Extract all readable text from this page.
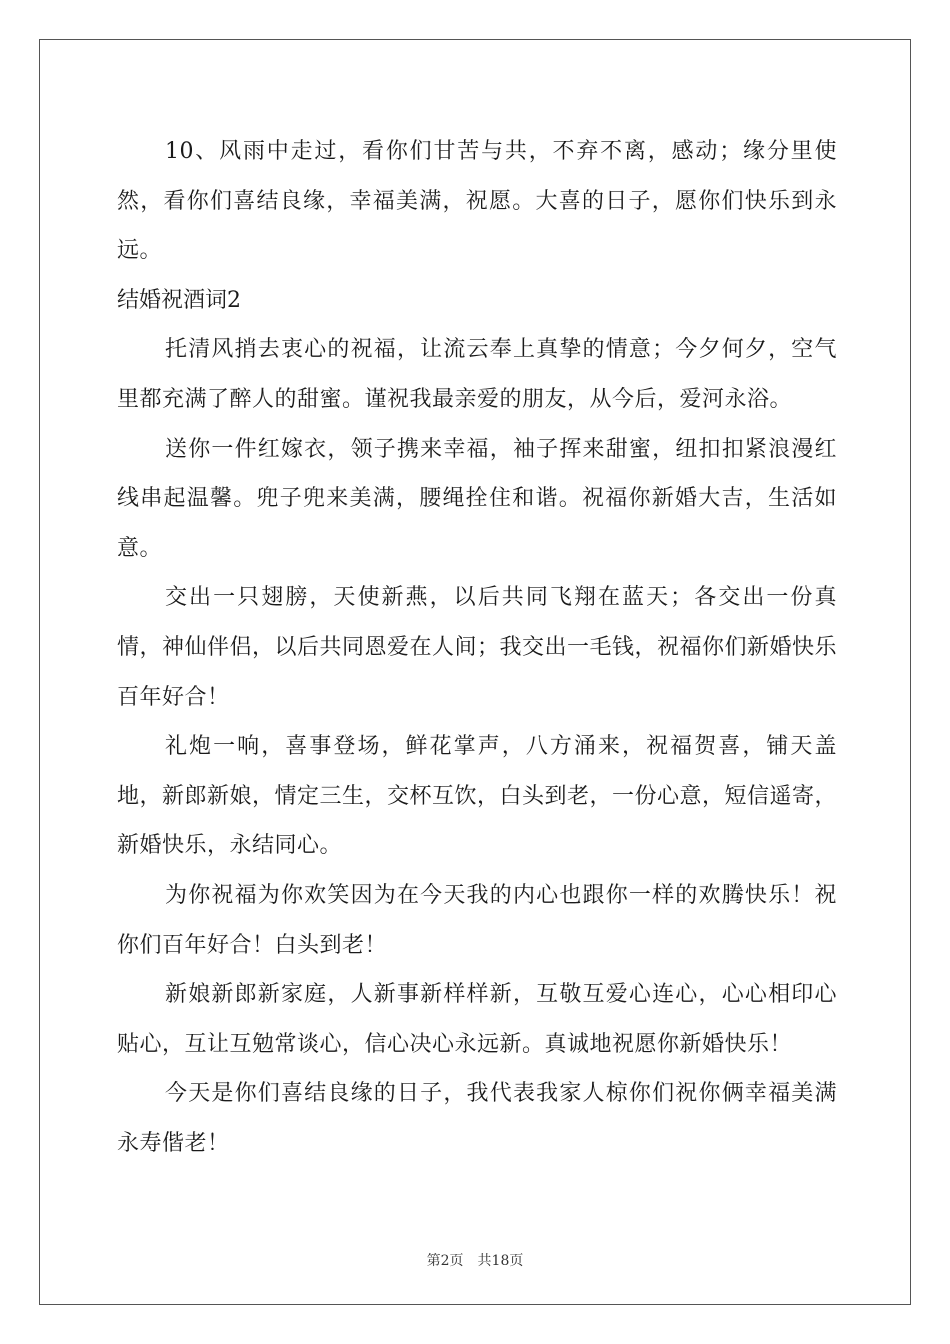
10、风雨中走过，看你们甘苦与共，不弃不离，感动；缘分里使然，看你们喜结良缘，幸福美满，祝愿。大喜的日子，愿你们快乐到永远。

结婚祝酒词2

托清风捎去衷心的祝福，让流云奉上真挚的情意；今夕何夕，空气里都充满了醉人的甜蜜。谨祝我最亲爱的朋友，从今后，爱河永浴。

送你一件红嫁衣，领子携来幸福，袖子挥来甜蜜，纽扣扣紧浪漫红线串起温馨。兜子兜来美满，腰绳拴住和谐。祝福你新婚大吉，生活如意。

交出一只翅膀，天使新燕，以后共同飞翔在蓝天；各交出一份真情，神仙伴侣，以后共同恩爱在人间；我交出一毛钱，祝福你们新婚快乐百年好合！

礼炮一响，喜事登场，鲜花掌声，八方涌来，祝福贺喜，铺天盖地，新郎新娘，情定三生，交杯互饮，白头到老，一份心意，短信遥寄，新婚快乐，永结同心。

为你祝福为你欢笑因为在今天我的内心也跟你一样的欢腾快乐！祝你们百年好合！白头到老！

新娘新郎新家庭，人新事新样样新，互敬互爱心连心，心心相印心贴心，互让互勉常谈心，信心决心永远新。真诚地祝愿你新婚快乐！

今天是你们喜结良缘的日子，我代表我家人椋你们祝你俩幸福美满永寿偕老！

第2页 共18页
